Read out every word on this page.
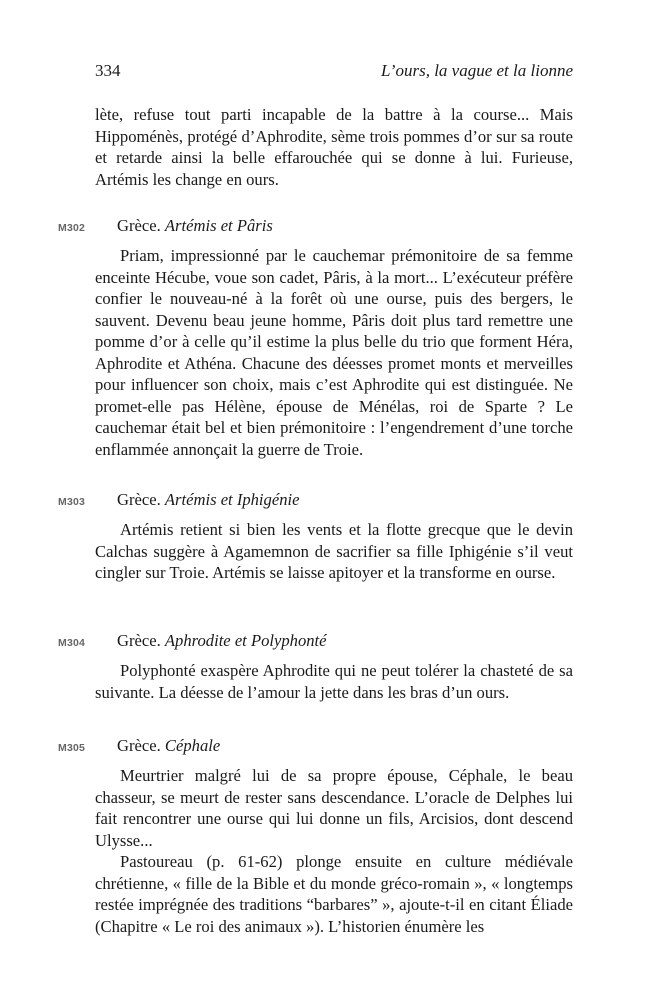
334	L’ours, la vague et la lionne

lète, refuse tout parti incapable de la battre à la course... Mais Hippoménès, protégé d’Aphrodite, sème trois pommes d’or sur sa route et retarde ainsi la belle effarouchée qui se donne à lui. Furieuse, Artémis les change en ours.

M302 Grèce. Artémis et Pâris

Priam, impressionné par le cauchemar prémonitoire de sa femme enceinte Hécube, voue son cadet, Pâris, à la mort... L’exécuteur préfère confier le nouveau-né à la forêt où une ourse, puis des bergers, le sauvent. Devenu beau jeune homme, Pâris doit plus tard remettre une pomme d’or à celle qu’il estime la plus belle du trio que forment Héra, Aphrodite et Athéna. Chacune des déesses promet monts et merveilles pour influencer son choix, mais c’est Aphrodite qui est distinguée. Ne promet-elle pas Hélène, épouse de Ménélas, roi de Sparte ? Le cauchemar était bel et bien prémonitoire : l’engendrement d’une torche enflammée annonçait la guerre de Troie.

M303 Grèce. Artémis et Iphigénie

Artémis retient si bien les vents et la flotte grecque que le devin Calchas suggère à Agamemnon de sacrifier sa fille Iphigénie s’il veut cingler sur Troie. Artémis se laisse apitoyer et la transforme en ourse.

M304 Grèce. Aphrodite et Polyphonté

Polyphonté exaspère Aphrodite qui ne peut tolérer la chasteté de sa suivante. La déesse de l’amour la jette dans les bras d’un ours.

M305 Grèce. Céphale

Meurtrier malgré lui de sa propre épouse, Céphale, le beau chasseur, se meurt de rester sans descendance. L’oracle de Delphes lui fait rencontrer une ourse qui lui donne un fils, Arcisios, dont descend Ulysse...

Pastoureau (p. 61-62) plonge ensuite en culture médiévale chrétienne, « fille de la Bible et du monde gréco-romain », « longtemps restée imprégnée des traditions “barbares” », ajoute-t-il en citant Éliade (Chapitre « Le roi des animaux »). L’historien énumère les
